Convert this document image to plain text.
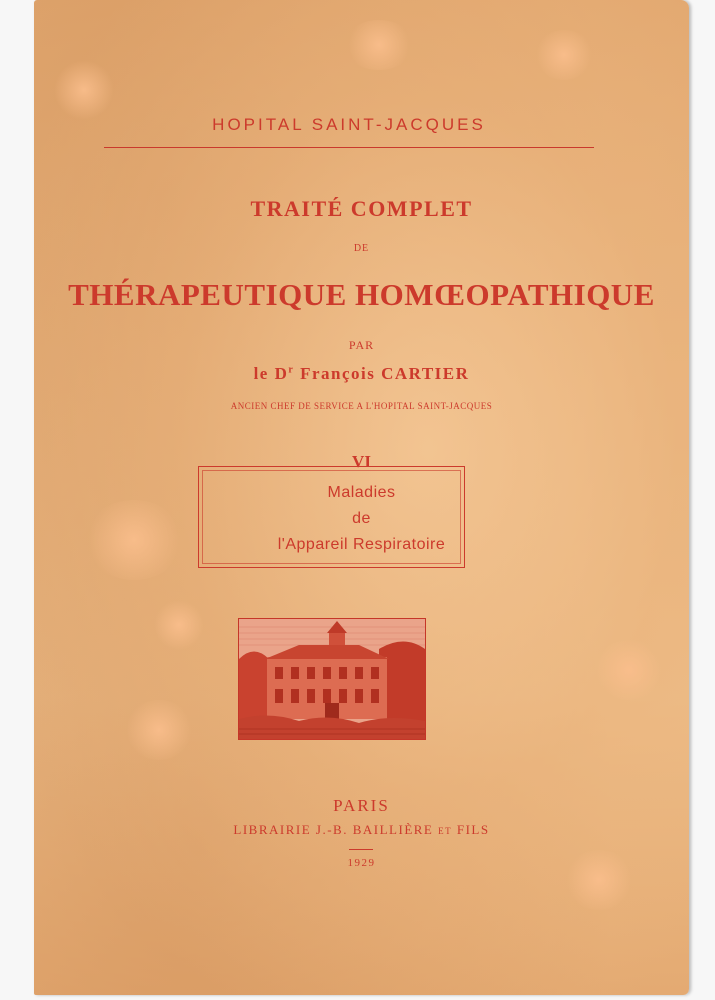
HOPITAL SAINT-JACQUES
TRAITÉ COMPLET
DE
THÉRAPEUTIQUE HOMŒOPATHIQUE
PAR
le $D^r$ François CARTIER
ANCIEN CHEF DE SERVICE A L'HOPITAL SAINT-JACQUES
VI
Maladies
de
l'Appareil Respiratoire
PARIS
LIBRAIRIE J.-B. BAILLIÈRE ET FILS
1929
